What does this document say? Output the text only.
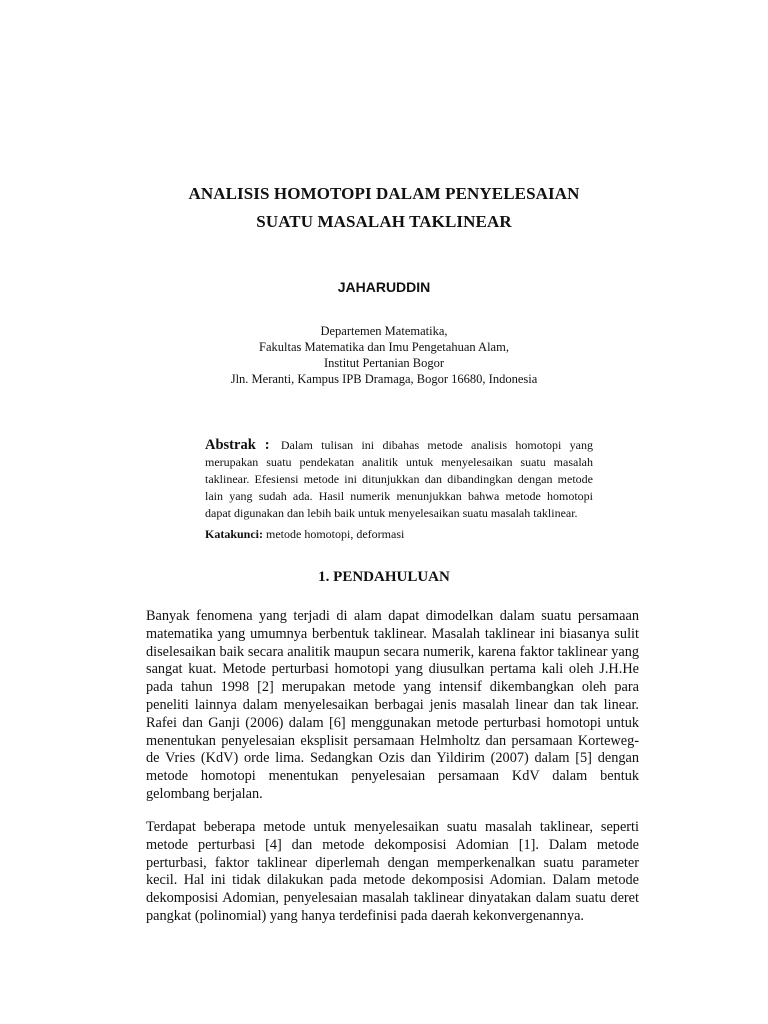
ANALISIS HOMOTOPI DALAM PENYELESAIAN
SUATU MASALAH TAKLINEAR
JAHARUDDIN
Departemen Matematika,
Fakultas Matematika dan Imu Pengetahuan Alam,
Institut Pertanian Bogor
Jln. Meranti, Kampus IPB Dramaga, Bogor 16680, Indonesia
Abstrak : Dalam tulisan ini dibahas metode analisis homotopi yang merupakan suatu pendekatan analitik untuk menyelesaikan suatu masalah taklinear. Efesiensi metode ini ditunjukkan dan dibandingkan dengan metode lain yang sudah ada. Hasil numerik menunjukkan bahwa metode homotopi dapat digunakan dan lebih baik untuk menyelesaikan suatu masalah taklinear.
Katakunci: metode homotopi, deformasi
1. PENDAHULUAN
Banyak fenomena yang terjadi di alam dapat dimodelkan dalam suatu persamaan matematika yang umumnya berbentuk taklinear. Masalah taklinear ini biasanya sulit diselesaikan baik secara analitik maupun secara numerik, karena faktor taklinear yang sangat kuat. Metode perturbasi homotopi yang diusulkan pertama kali oleh J.H.He pada tahun 1998 [2] merupakan metode yang intensif dikembangkan oleh para peneliti lainnya dalam menyelesaikan berbagai jenis masalah linear dan tak linear. Rafei dan Ganji (2006) dalam [6] menggunakan metode perturbasi homotopi untuk menentukan penyelesaian eksplisit persamaan Helmholtz dan persamaan Korteweg-de Vries (KdV) orde lima. Sedangkan Ozis dan Yildirim (2007) dalam [5] dengan metode homotopi menentukan penyelesaian persamaan KdV dalam bentuk gelombang berjalan.
Terdapat beberapa metode untuk menyelesaikan suatu masalah taklinear, seperti metode perturbasi [4] dan metode dekomposisi Adomian [1]. Dalam metode perturbasi, faktor taklinear diperlemah dengan memperkenalkan suatu parameter kecil. Hal ini tidak dilakukan pada metode dekomposisi Adomian. Dalam metode dekomposisi Adomian, penyelesaian masalah taklinear dinyatakan dalam suatu deret pangkat (polinomial) yang hanya terdefinisi pada daerah kekonvergenannya.
